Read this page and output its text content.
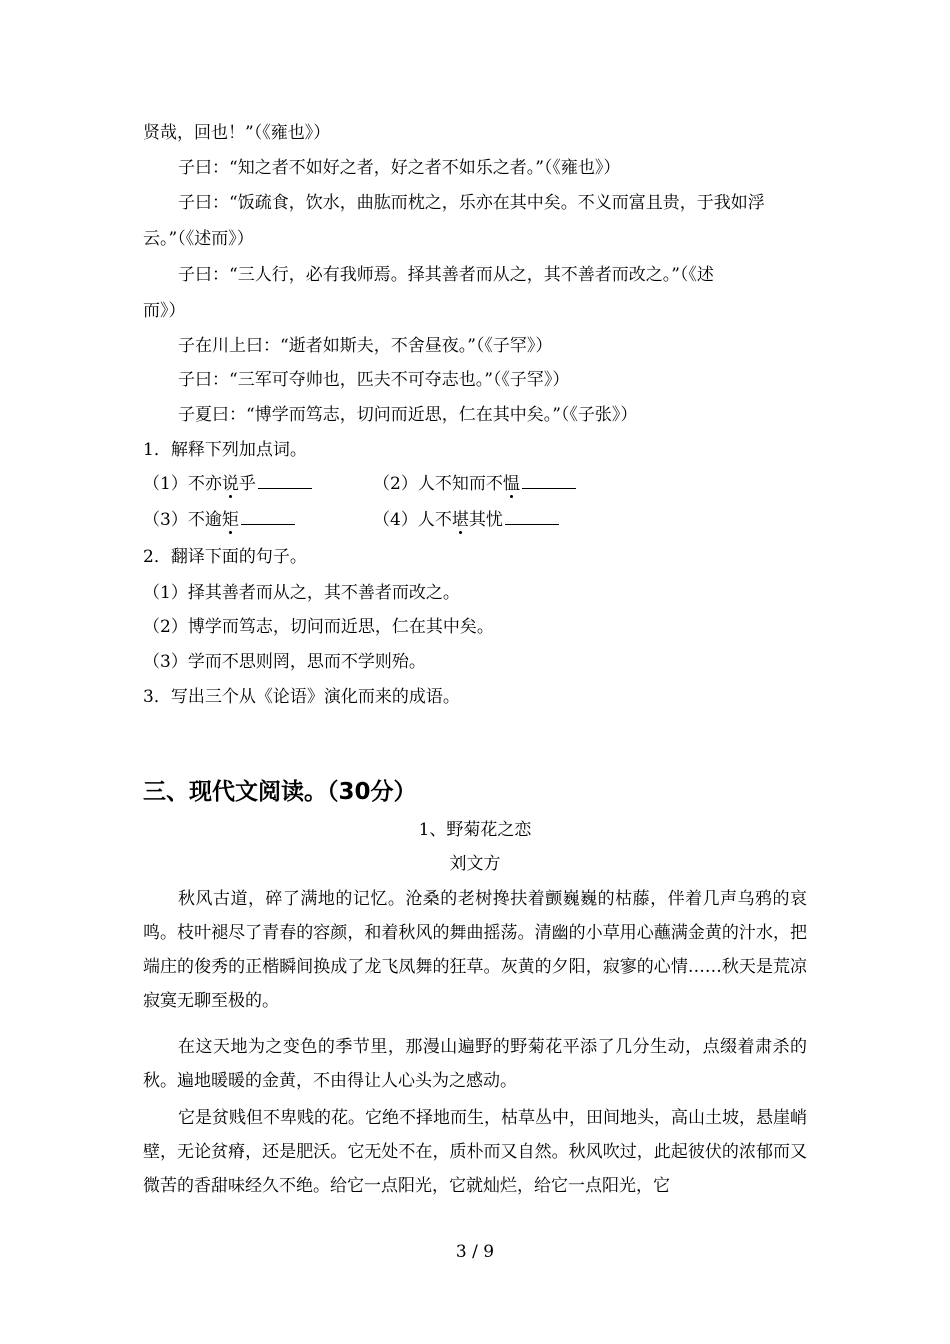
贤哉，回也！”（《雍也》）
子曰：“知之者不如好之者，好之者不如乐之者。”（《雍也》）
子曰：“饭疏食，饮水，曲肱而枕之，乐亦在其中矣。不义而富且贵，于我如浮
云。”（《述而》）
子曰：“三人行，必有我师焉。择其善者而从之，其不善者而改之。”（《述
而》）
子在川上曰：“逝者如斯夫，不舍昼夜。”（《子罕》）
子曰：“三军可夺帅也，匹夫不可夺志也。”（《子罕》）
子夏曰：“博学而笃志，切问而近思，仁在其中矣。”（《子张》）
1．解释下列加点词。
（1）不亦说乎	（2）人不知而不愠
（3）不逾矩	（4）人不堪其忧
2．翻译下面的句子。
（1）择其善者而从之，其不善者而改之。
（2）博学而笃志，切问而近思，仁在其中矣。
（3）学而不思则罔，思而不学则殆。
3．写出三个从《论语》演化而来的成语。
三、现代文阅读。（30分）
1、野菊花之恋
刘文方
秋风古道，碎了满地的记忆。沧桑的老树搀扶着颤巍巍的枯藤，伴着几声乌鸦的哀鸣。枝叶褪尽了青春的容颜，和着秋风的舞曲摇荡。清幽的小草用心蘸满金黄的汁水，把端庄的俊秀的正楷瞬间换成了龙飞凤舞的狂草。灰黄的夕阳，寂寥的心情……秋天是荒凉寂寞无聊至极的。
在这天地为之变色的季节里，那漫山遍野的野菊花平添了几分生动，点缀着肃杀的秋。遍地暖暖的金黄，不由得让人心头为之感动。
它是贫贱但不卑贱的花。它绝不择地而生，枯草丛中，田间地头，高山土坡，悬崖峭壁，无论贫瘠，还是肥沃。它无处不在，质朴而又自然。秋风吹过，此起彼伏的浓郁而又微苦的香甜味经久不绝。给它一点阳光，它就灿烂，给它一点阳光，它
3 / 9
